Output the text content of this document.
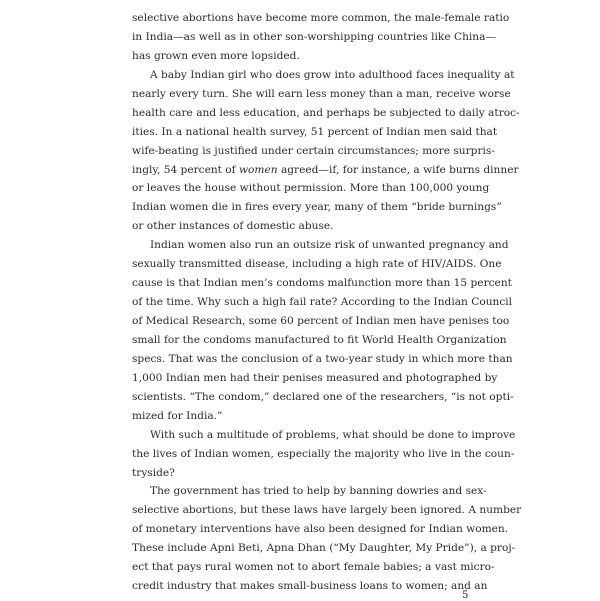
selective abortions have become more common, the male-female ratio
in India—as well as in other son-worshipping countries like China—
has grown even more lopsided.
A baby Indian girl who does grow into adulthood faces inequality at
nearly every turn. She will earn less money than a man, receive worse
health care and less education, and perhaps be subjected to daily atroc-
ities. In a national health survey, 51 percent of Indian men said that
wife-beating is justified under certain circumstances; more surpris-
ingly, 54 percent of women agreed—if, for instance, a wife burns dinner
or leaves the house without permission. More than 100,000 young
Indian women die in fires every year, many of them “bride burnings”
or other instances of domestic abuse.
Indian women also run an outsize risk of unwanted pregnancy and
sexually transmitted disease, including a high rate of HIV/AIDS. One
cause is that Indian men’s condoms malfunction more than 15 percent
of the time. Why such a high fail rate? According to the Indian Council
of Medical Research, some 60 percent of Indian men have penises too
small for the condoms manufactured to fit World Health Organization
specs. That was the conclusion of a two-year study in which more than
1,000 Indian men had their penises measured and photographed by
scientists. “The condom,” declared one of the researchers, “is not opti-
mized for India.”
With such a multitude of problems, what should be done to improve
the lives of Indian women, especially the majority who live in the coun-
tryside?
The government has tried to help by banning dowries and sex-
selective abortions, but these laws have largely been ignored. A number
of monetary interventions have also been designed for Indian women.
These include Apni Beti, Apna Dhan (“My Daughter, My Pride”), a proj-
ect that pays rural women not to abort female babies; a vast micro-
credit industry that makes small-business loans to women; and an
5
